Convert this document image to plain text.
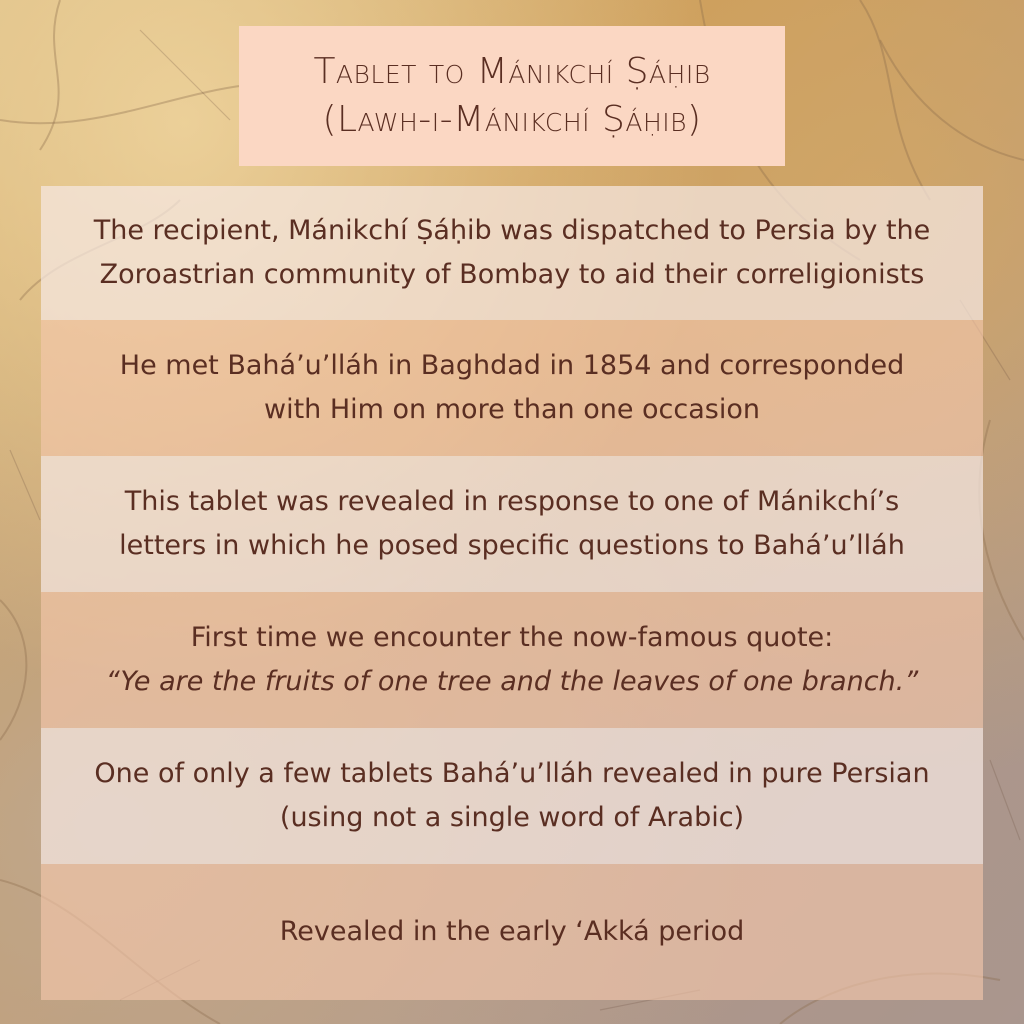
Tablet to Mánikchí Ṣáḥib
(Lawh-i-Mánikchí Ṣáḥib)
The recipient, Mánikchí Ṣáḥib was dispatched to Persia by the
Zoroastrian community of Bombay to aid their correligionists
He met Bahá’u’lláh in Baghdad in 1854 and corresponded
with Him on more than one occasion
This tablet was revealed in response to one of Mánikchí’s
letters in which he posed specific questions to Bahá’u’lláh
First time we encounter the now-famous quote:
“Ye are the fruits of one tree and the leaves of one branch.”
One of only a few tablets Bahá’u’lláh revealed in pure Persian
(using not a single word of Arabic)
Revealed in the early ‘Akká period
